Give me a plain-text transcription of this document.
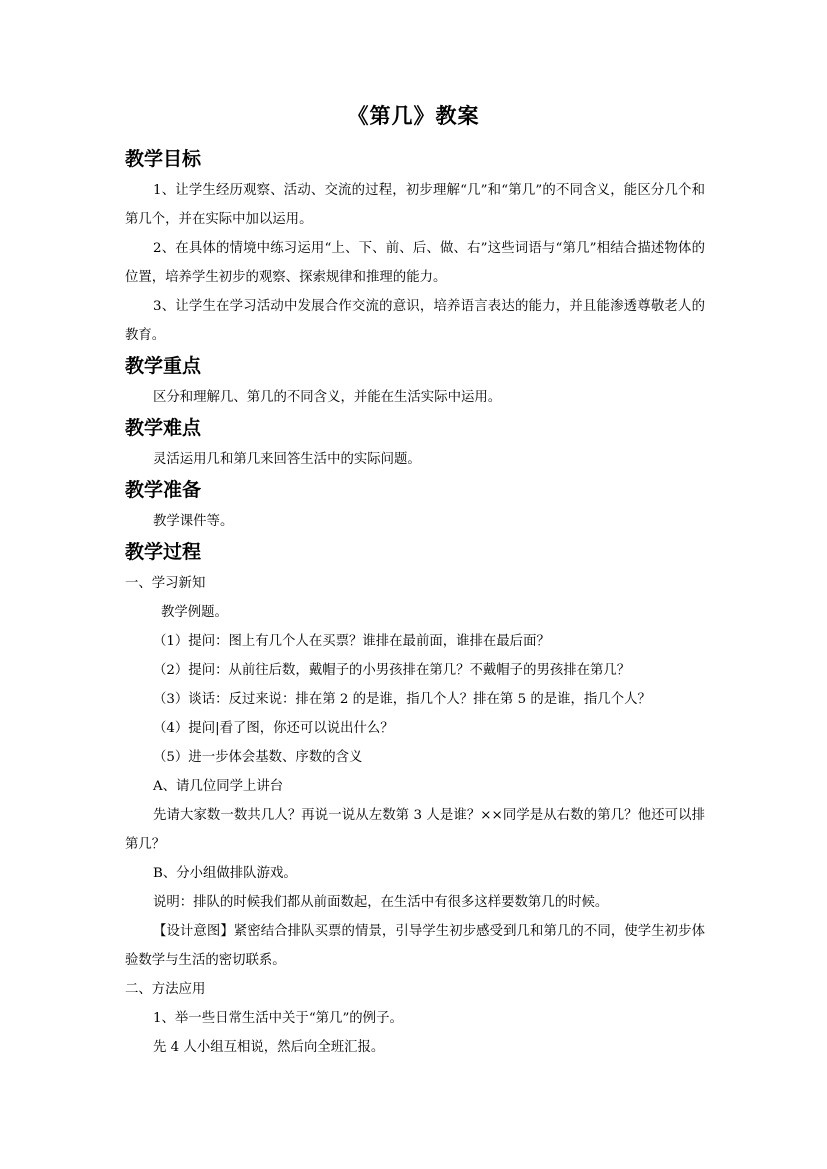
《第几》教案
教学目标

1、让学生经历观察、活动、交流的过程，初步理解“几”和“第几”的不同含义，能区分几个和第几个，并在实际中加以运用。

2、在具体的情境中练习运用“上、下、前、后、做、右”这些词语与“第几”相结合描述物体的位置，培养学生初步的观察、探索规律和推理的能力。

3、让学生在学习活动中发展合作交流的意识，培养语言表达的能力，并且能渗透尊敬老人的教育。

教学重点

区分和理解几、第几的不同含义，并能在生活实际中运用。

教学难点

灵活运用几和第几来回答生活中的实际问题。

教学准备

教学课件等。

教学过程

一、学习新知

教学例题。

（1）提问：图上有几个人在买票？谁排在最前面，谁排在最后面？

（2）提问：从前往后数，戴帽子的小男孩排在第几？不戴帽子的男孩排在第几？

（3）谈话：反过来说：排在第 2 的是谁，指几个人？排在第 5 的是谁，指几个人？

（4）提问|看了图，你还可以说出什么？

（5）进一步体会基数、序数的含义

A、请几位同学上讲台

先请大家数一数共几人？再说一说从左数第 3 人是谁？××同学是从右数的第几？他还可以排第几？

B、分小组做排队游戏。

说明：排队的时候我们都从前面数起，在生活中有很多这样要数第几的时候。

【设计意图】紧密结合排队买票的情景，引导学生初步感受到几和第几的不同，使学生初步体验数学与生活的密切联系。

二、方法应用

1、举一些日常生活中关于“第几”的例子。

先 4 人小组互相说，然后向全班汇报。
